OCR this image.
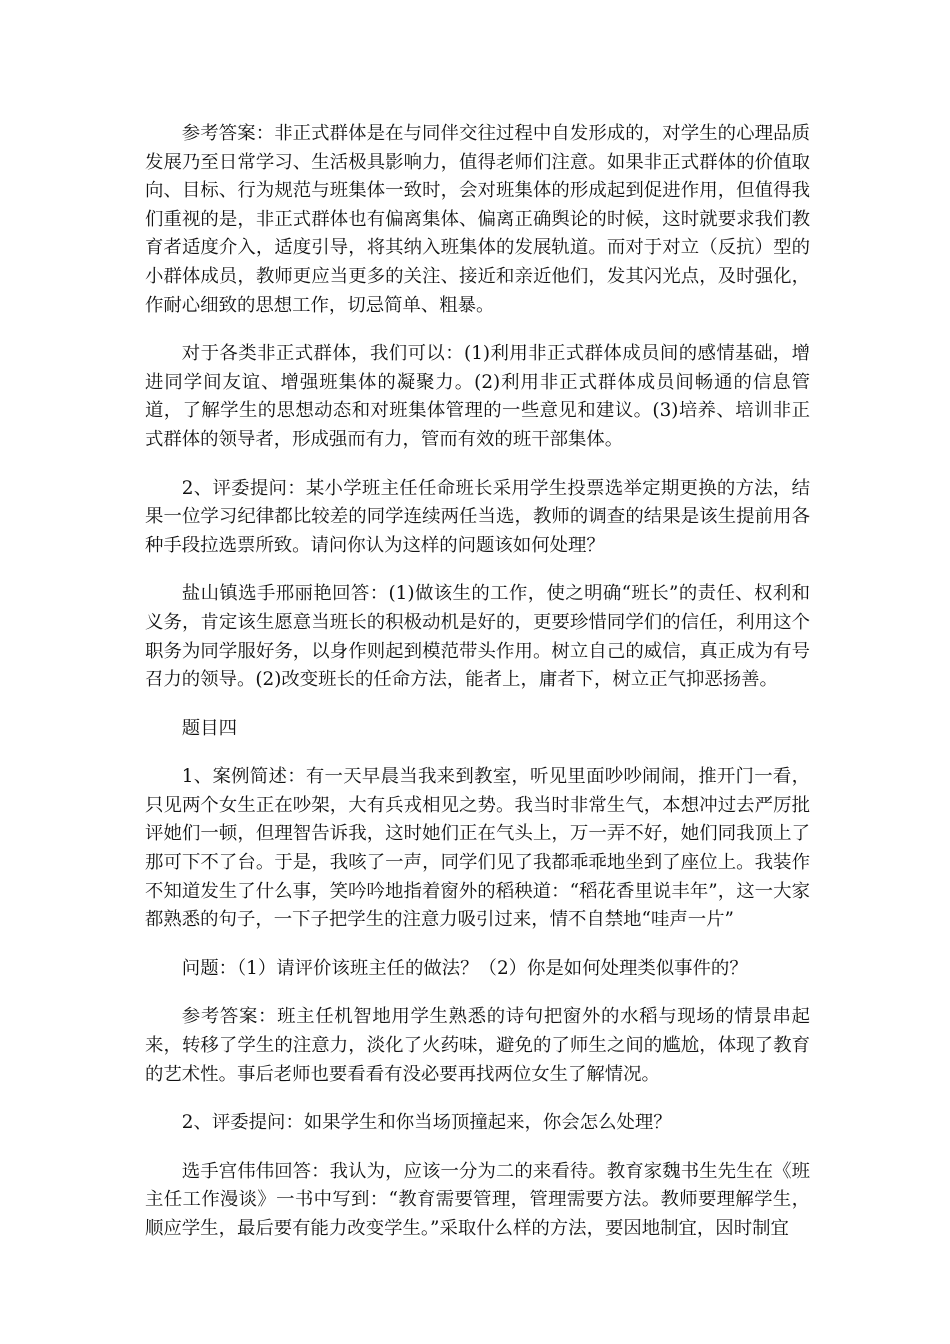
参考答案：非正式群体是在与同伴交往过程中自发形成的，对学生的心理品质发展乃至日常学习、生活极具影响力，值得老师们注意。如果非正式群体的价值取向、目标、行为规范与班集体一致时，会对班集体的形成起到促进作用，但值得我们重视的是，非正式群体也有偏离集体、偏离正确舆论的时候，这时就要求我们教育者适度介入，适度引导，将其纳入班集体的发展轨道。而对于对立（反抗）型的小群体成员，教师更应当更多的关注、接近和亲近他们，发其闪光点，及时强化，作耐心细致的思想工作，切忌简单、粗暴。

对于各类非正式群体，我们可以：(1)利用非正式群体成员间的感情基础，增进同学间友谊、增强班集体的凝聚力。(2)利用非正式群体成员间畅通的信息管道，了解学生的思想动态和对班集体管理的一些意见和建议。(3)培养、培训非正式群体的领导者，形成强而有力，管而有效的班干部集体。

2、评委提问：某小学班主任任命班长采用学生投票选举定期更换的方法，结果一位学习纪律都比较差的同学连续两任当选，教师的调查的结果是该生提前用各种手段拉选票所致。请问你认为这样的问题该如何处理？

盐山镇选手邢丽艳回答：(1)做该生的工作，使之明确“班长”的责任、权利和义务，肯定该生愿意当班长的积极动机是好的，更要珍惜同学们的信任，利用这个职务为同学服好务，以身作则起到模范带头作用。树立自己的威信，真正成为有号召力的领导。(2)改变班长的任命方法，能者上，庸者下，树立正气抑恶扬善。

题目四

1、案例简述：有一天早晨当我来到教室，听见里面吵吵闹闹，推开门一看，只见两个女生正在吵架，大有兵戎相见之势。我当时非常生气，本想冲过去严厉批评她们一顿，但理智告诉我，这时她们正在气头上，万一弄不好，她们同我顶上了那可下不了台。于是，我咳了一声，同学们见了我都乖乖地坐到了座位上。我装作不知道发生了什么事，笑吟吟地指着窗外的稻秧道：“稻花香里说丰年”，这一大家都熟悉的句子，一下子把学生的注意力吸引过来，情不自禁地“哇声一片”

问题：（1）请评价该班主任的做法？（2）你是如何处理类似事件的？

参考答案：班主任机智地用学生熟悉的诗句把窗外的水稻与现场的情景串起来，转移了学生的注意力，淡化了火药味，避免的了师生之间的尴尬，体现了教育的艺术性。事后老师也要看看有没必要再找两位女生了解情况。

2、评委提问：如果学生和你当场顶撞起来，你会怎么处理？

选手宫伟伟回答：我认为，应该一分为二的来看待。教育家魏书生先生在《班主任工作漫谈》一书中写到：“教育需要管理，管理需要方法。教师要理解学生，顺应学生，最后要有能力改变学生。”采取什么样的方法，要因地制宜，因时制宜
